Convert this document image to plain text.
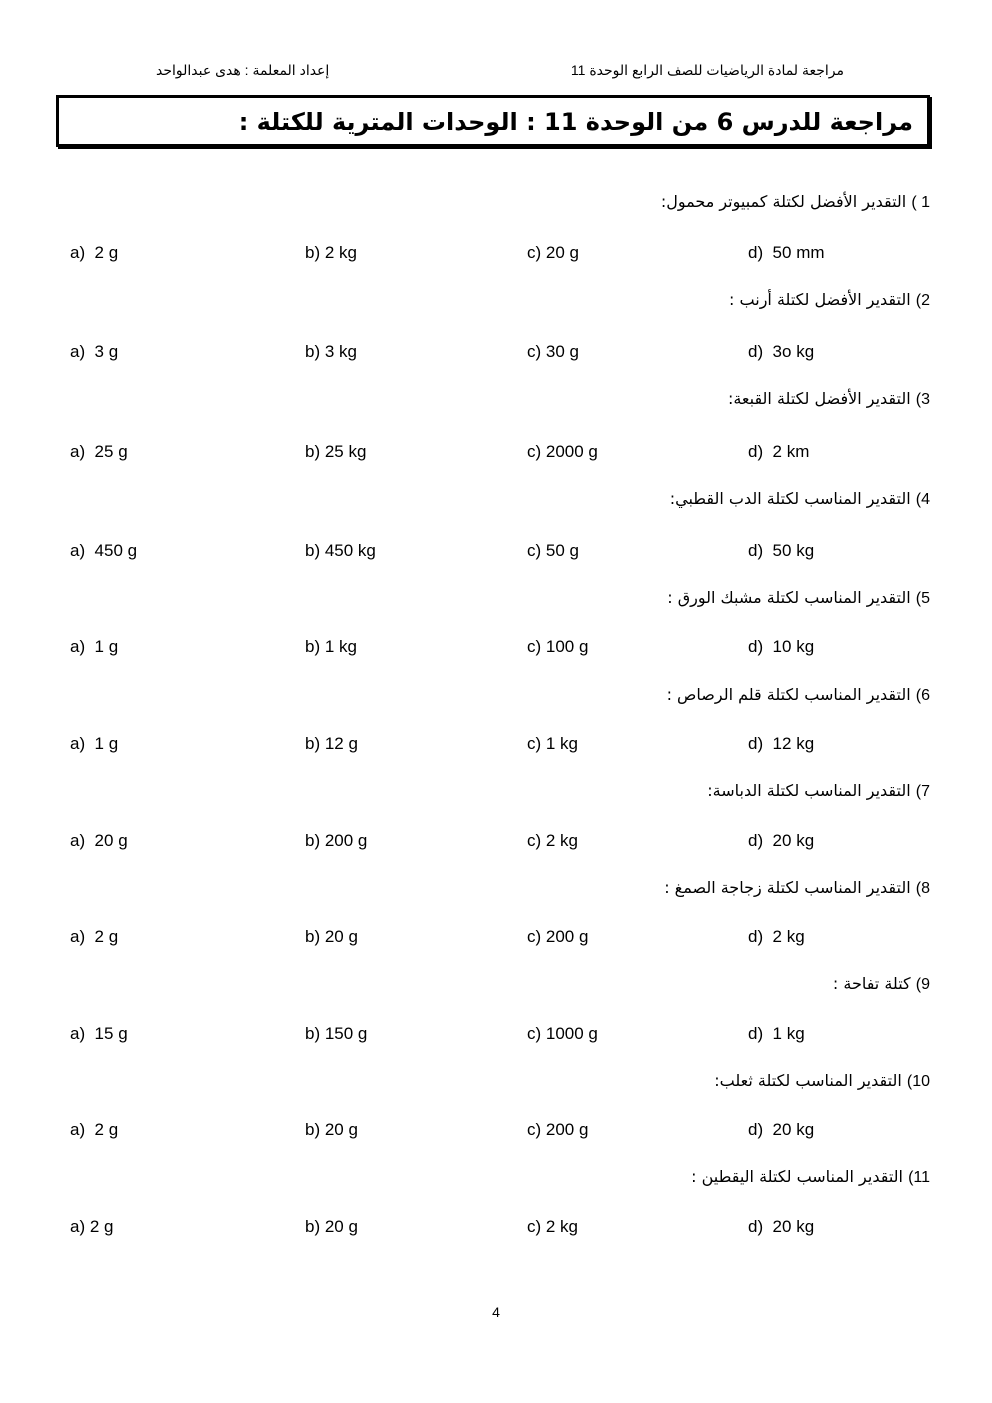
مراجعة لمادة الرياضيات للصف الرابع الوحدة 11
إعداد المعلمة : هدى عبدالواحد
مراجعة للدرس 6 من الوحدة 11 : الوحدات المترية للكتلة :
1 ) التقدير الأفضل لكتلة كمبيوتر محمول:
a)  2 g	b) 2 kg	c) 20 g	d)  50 mm
2) التقدير الأفضل لكتلة أرنب :
a)  3 g	b) 3 kg	c) 30 g	d)  3o kg
3) التقدير الأفضل لكتلة القبعة:
a)  25 g	b) 25 kg	c) 2000 g	d)  2 km
4) التقدير المناسب لكتلة الدب القطبي:
a)  450 g	b) 450 kg	c) 50 g	d)  50 kg
5) التقدير المناسب لكتلة مشبك الورق :
a)  1 g	b) 1 kg	c) 100 g	d)  10 kg
6) التقدير المناسب لكتلة قلم الرصاص :
a)  1 g	b) 12 g	c) 1 kg	d)  12 kg
7) التقدير المناسب لكتلة الدباسة:
a)  20 g	b) 200 g	c) 2 kg	d)  20 kg
8) التقدير المناسب لكتلة زجاجة الصمغ :
a)  2 g	b) 20 g	c) 200 g	d)  2 kg
9) كتلة تفاحة :
a)  15 g	b) 150 g	c) 1000 g	d)  1 kg
10) التقدير المناسب لكتلة ثعلب:
a)  2 g	b) 20 g	c) 200 g	d)  20 kg
11) التقدير المناسب لكتلة اليقطين :
a) 2 g	b) 20 g	c) 2 kg	d)  20 kg
4
